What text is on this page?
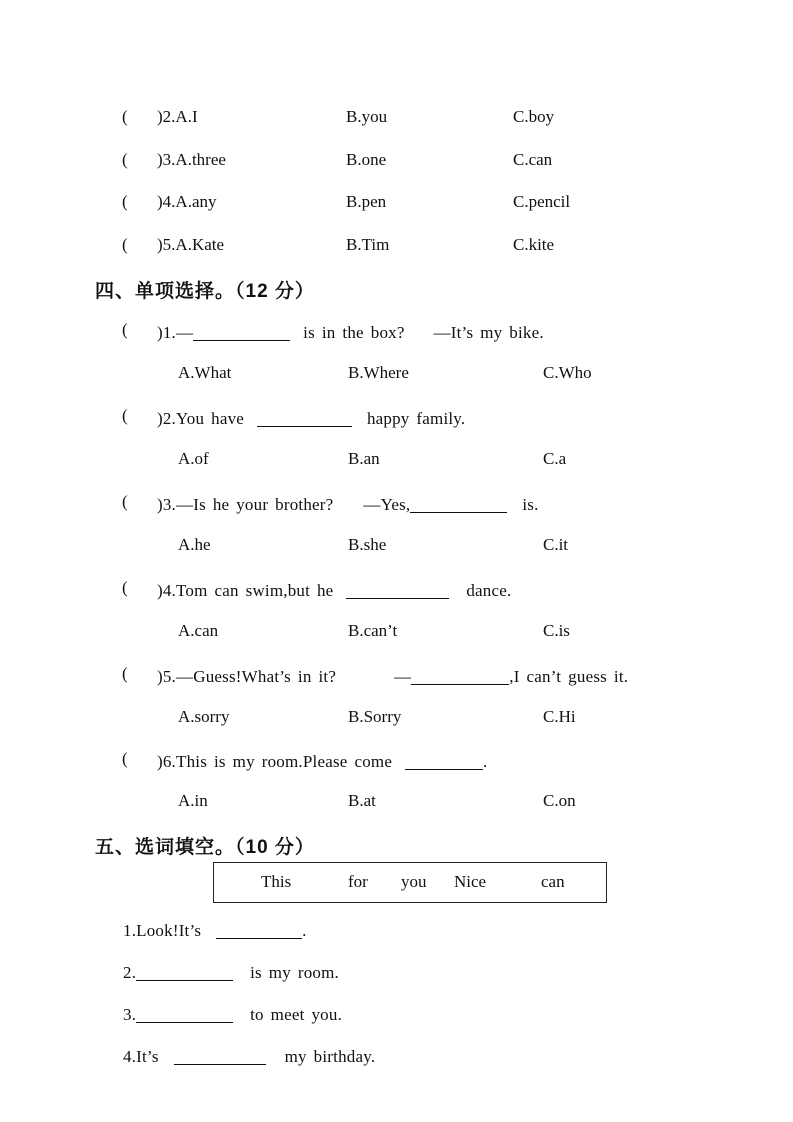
( )2.A.I	B.you	C.boy
( )3.A.three	B.one	C.can
( )4.A.any	B.pen	C.pencil
( )5.A.Kate	B.Tim	C.kite
四、单项选择。（12 分）
( )1.—	is in the box? —It’s my bike.
A.What	B.Where	C.Who
( )2.You have	happy family.
A.of	B.an	C.a
( )3.—Is he your brother? —Yes,	is.
A.he	B.she	C.it
( )4.Tom can swim,but he	dance.
A.can	B.can’t	C.is
( )5.—Guess!What’s in it?	—	,I can’t guess it.
A.sorry	B.Sorry	C.Hi
( )6.This is my room.Please come	.
A.in	B.at	C.on
五、选词填空。（10 分）
This	for you Nice	can
1.Look!It’s	.
2.	is my room.
3.	to meet you.
4.It’s	my birthday.
